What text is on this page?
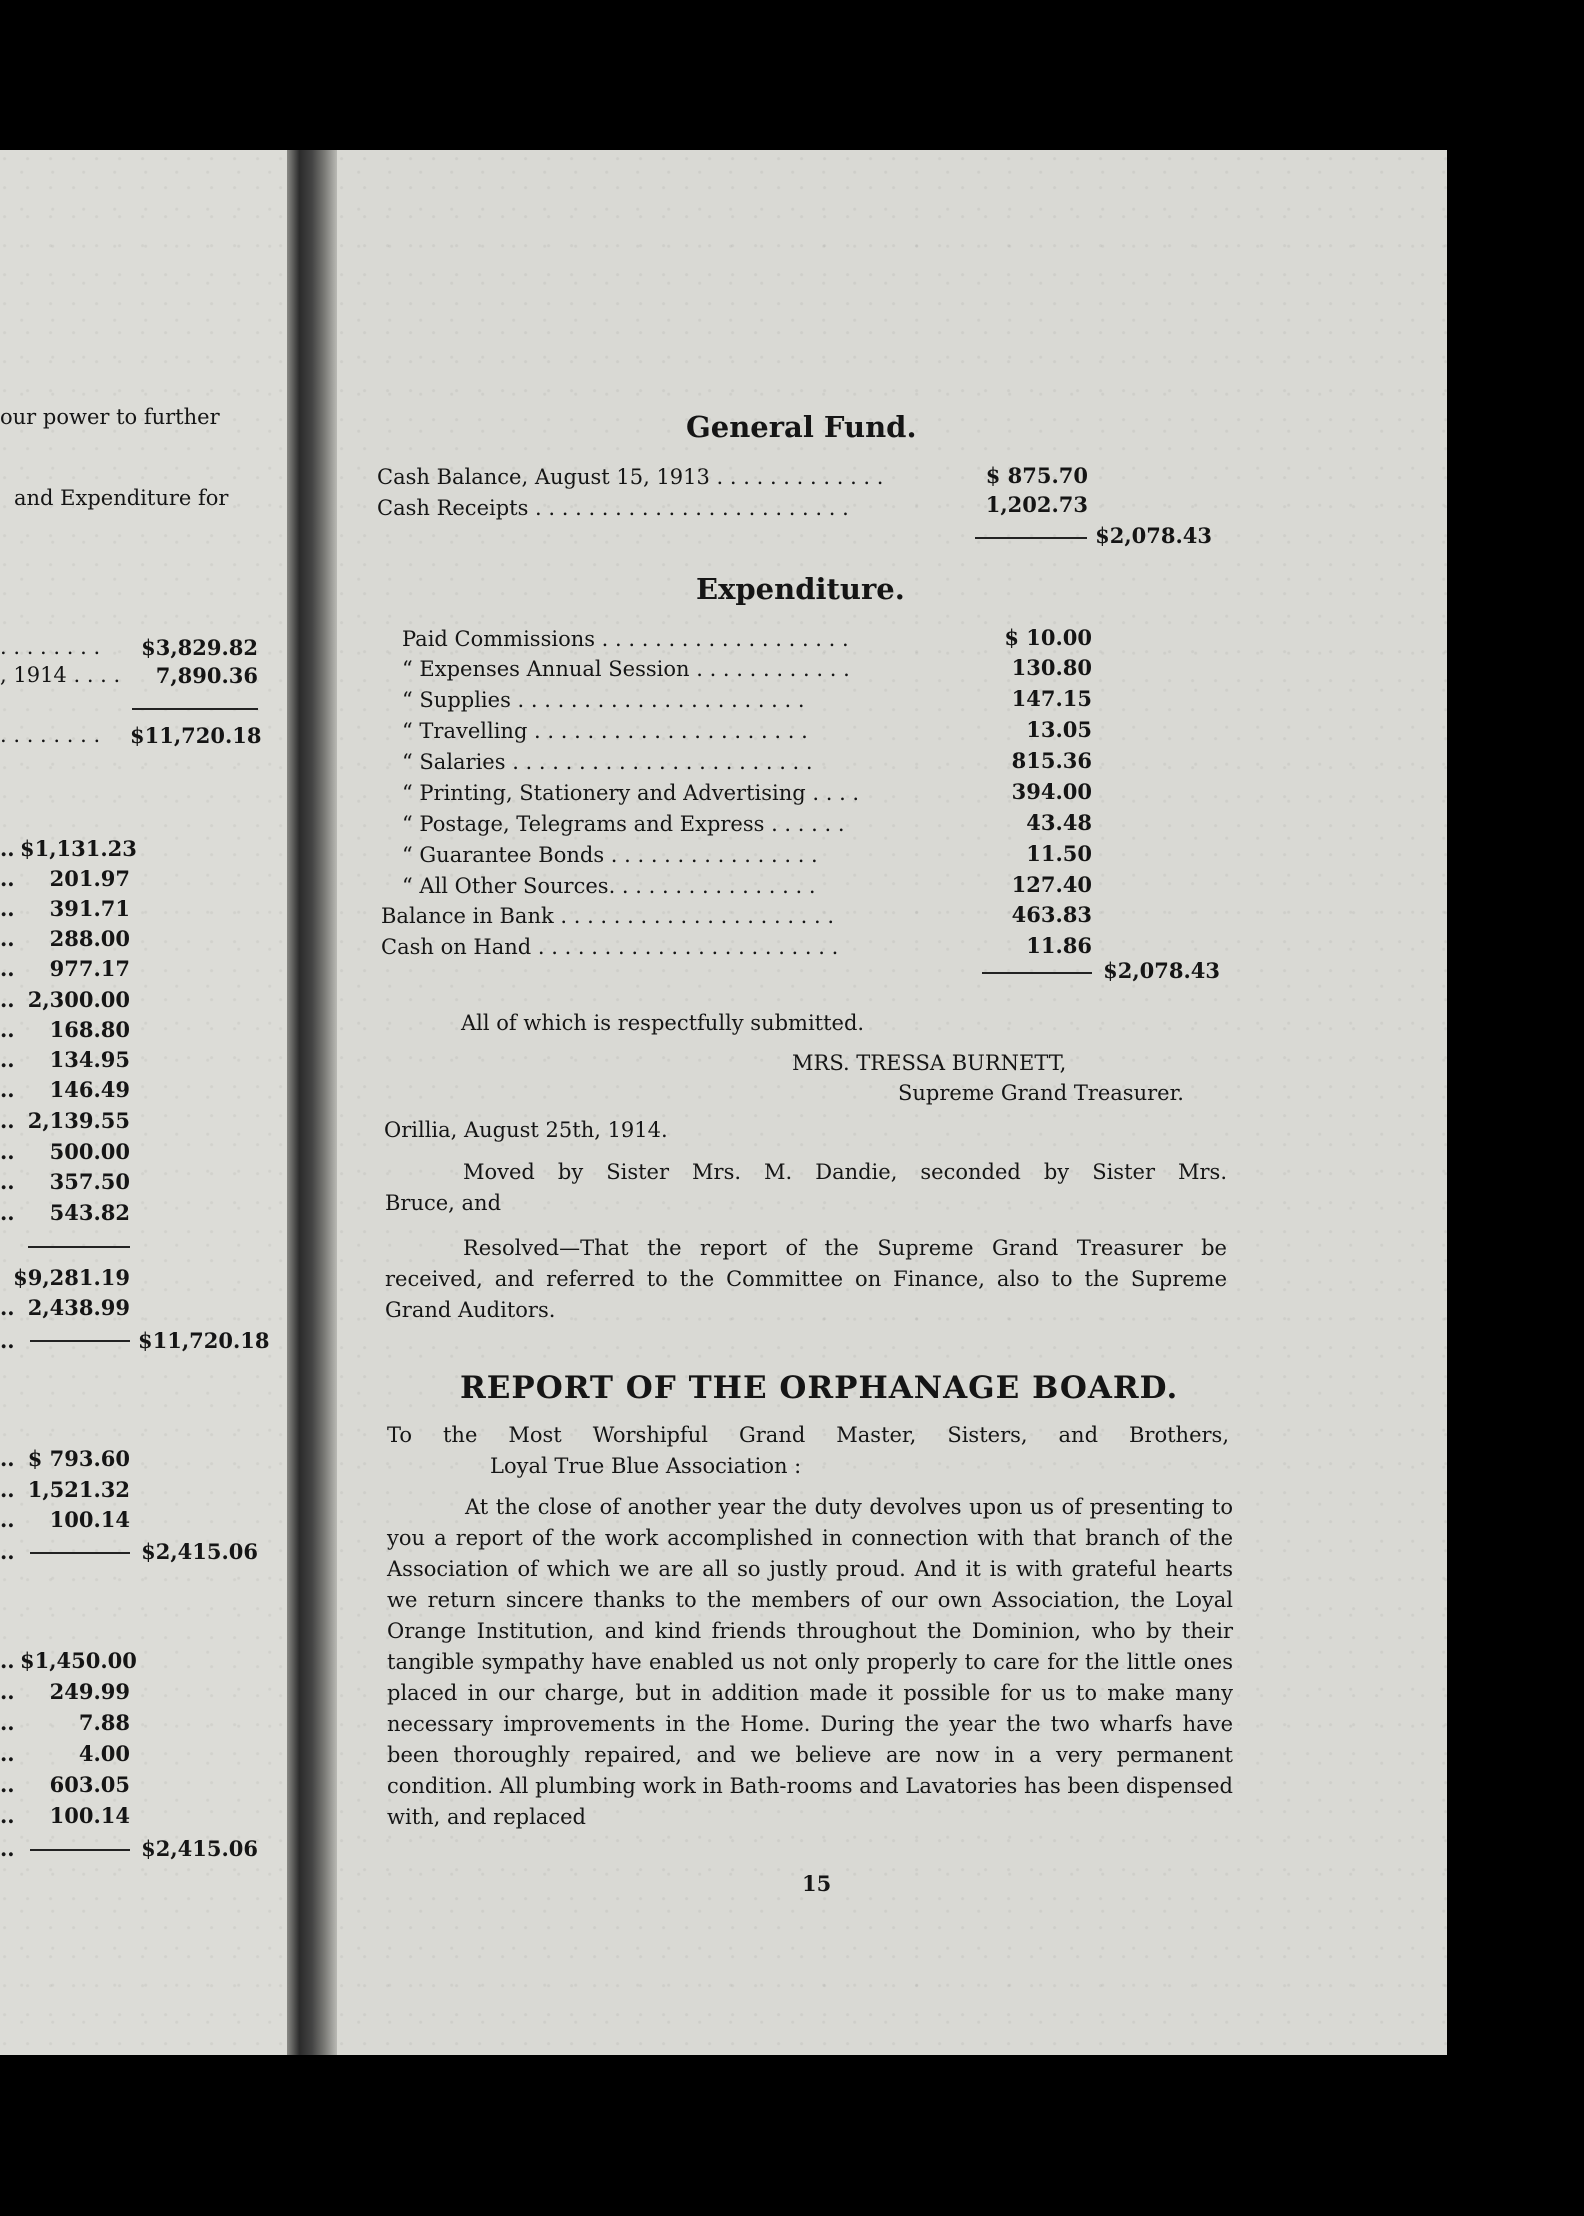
our power to further
and Expenditure for
. . . . . . . . $3,829.82
, 1914 . . . .	7,890.36
. . . . . . . . $11,720.18
.. $1,131.23
..	201.97
..	391.71
..	288.00
..	977.17
.. 2,300.00
..	168.80
..	134.95
..	146.49
.. 2,139.55
..	500.00
..	357.50
..	543.82
$9,281.19
.. 2,438.99
..	$11,720.18
.. $ 793.60
.. 1,521.32
..	100.14
..	$2,415.06
.. $1,450.00
..	249.99
..	7.88
..	4.00
..	603.05
..	100.14
..	$2,415.06
General Fund.
Cash Balance, August 15, 1913 . . . . . . . . . . . . .	$ 875.70
Cash Receipts . . . . . . . . . . . . . . . . . . . . . . . .	1,202.73
$2,078.43
Expenditure.
Paid Commissions . . . . . . . . . . . . . . . . . . .	$ 10.00
“ Expenses Annual Session . . . . . . . . . . . .	130.80
“ Supplies . . . . . . . . . . . . . . . . . . . . . .	147.15
“ Travelling . . . . . . . . . . . . . . . . . . . . .	13.05
“ Salaries . . . . . . . . . . . . . . . . . . . . . . .	815.36
“ Printing, Stationery and Advertising . . . .	394.00
“ Postage, Telegrams and Express . . . . . .	43.48
“ Guarantee Bonds . . . . . . . . . . . . . . . .	11.50
“ All Other Sources. . . . . . . . . . . . . . . .	127.40
Balance in Bank . . . . . . . . . . . . . . . . . . . . .	463.83
Cash on Hand . . . . . . . . . . . . . . . . . . . . . . .	11.86
$2,078.43
All of which is respectfully submitted.
MRS. TRESSA BURNETT,
Supreme Grand Treasurer.
Orillia, August 25th, 1914.

Moved by Sister Mrs. M. Dandie, seconded by Sister Mrs.

Bruce, and

Resolved—That the report of the Supreme Grand Treasurer be received, and referred to the Committee on Finance, also to the Supreme Grand Auditors.

REPORT OF THE ORPHANAGE BOARD.
To the Most Worshipful Grand Master, Sisters, and Brothers,
Loyal True Blue Association :

At the close of another year the duty devolves upon us of presenting to you a report of the work accomplished in connection with that branch of the Association of which we are all so justly proud. And it is with grateful hearts we return sincere thanks to the members of our own Association, the Loyal Orange Institution, and kind friends throughout the Dominion, who by their tangible sympathy have enabled us not only properly to care for the little ones placed in our charge, but in addition made it possible for us to make many necessary improvements in the Home. During the year the two wharfs have been thoroughly repaired, and we believe are now in a very permanent condition. All plumbing work in Bath-rooms and Lavatories has been dispensed with, and replaced

15
